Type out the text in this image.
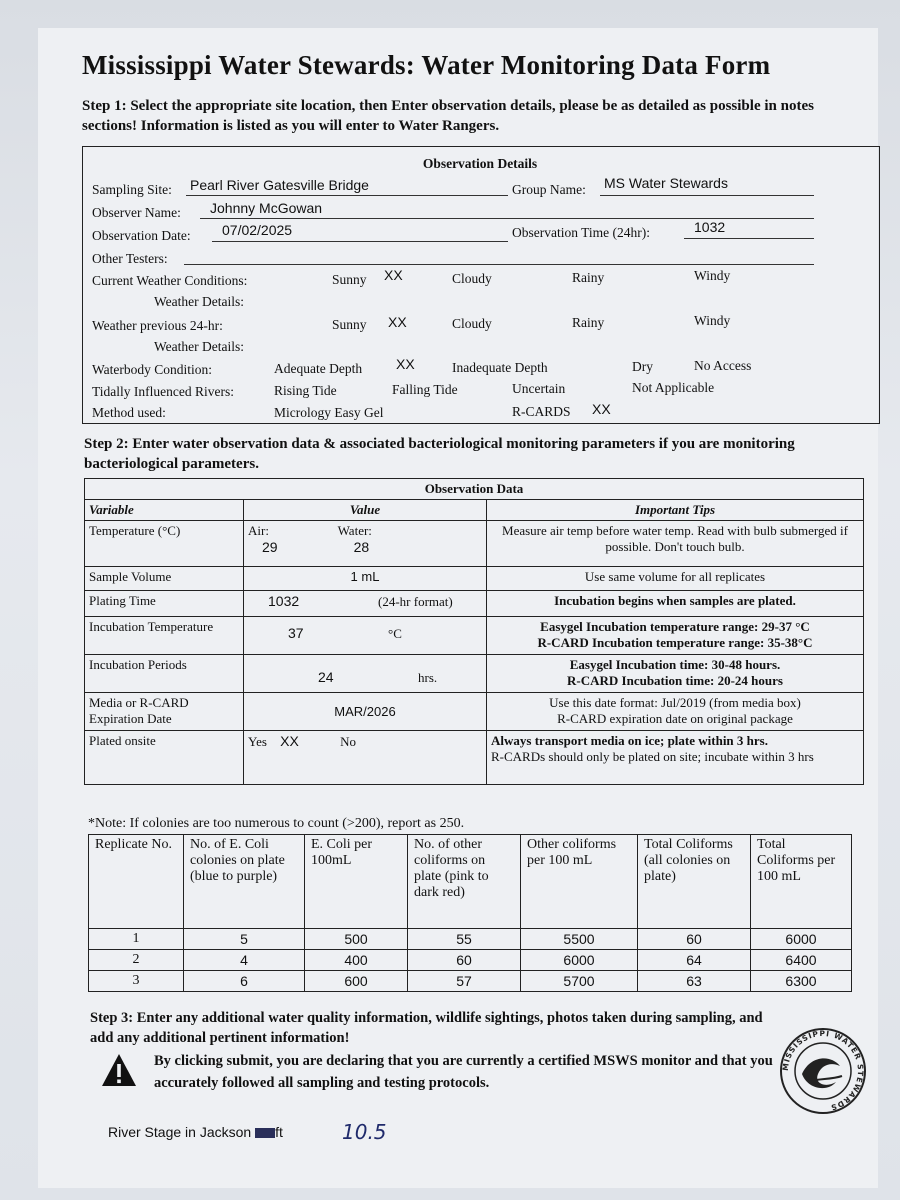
Mississippi Water Stewards: Water Monitoring Data Form
Step 1: Select the appropriate site location, then Enter observation details, please be as detailed as possible in notes sections! Information is listed as you will enter to Water Rangers.
Observation Details
Sampling Site: Pearl River Gatesville Bridge	Group Name: MS Water Stewards
Observer Name: Johnny McGowan
Observation Date: 07/02/2025	Observation Time (24hr):	1032
Other Testers:
Current Weather Conditions:	Sunny XX	Cloudy	Rainy	Windy
Weather Details:
Weather previous 24-hr:	Sunny XX	Cloudy	Rainy	Windy
Weather Details:
Waterbody Condition:	Adequate Depth XX	Inadequate Depth	Dry	No Access
Tidally Influenced Rivers:	Rising Tide	Falling Tide	Uncertain	Not Applicable
Method used:	Micrology Easy Gel	R-CARDS XX
Step 2: Enter water observation data & associated bacteriological monitoring parameters if you are monitoring bacteriological parameters.
Observation Data		
Variable	Value	Important Tips
Temperature (°C)	Air:
29
Water:
28	Measure air temp before water temp. Read with bulb submerged if possible. Don't touch bulb.
Sample Volume	1 mL	Use same volume for all replicates
Plating Time	1032 (24-hr format)	Incubation begins when samples are plated.
Incubation Temperature	37 °C	Easygel Incubation temperature range: 29-37 °C
R-CARD Incubation temperature range: 35-38°C

Incubation Periods	24 hrs.	Easygel Incubation time: 30-48 hours.
R-CARD Incubation time: 20-24 hours

Media or R-CARD Expiration Date	MAR/2026	Use this date format: Jul/2019 (from media box)
R-CARD expiration date on original package

Plated onsite	Yes XX No	Always transport media on ice; plate within 3 hrs.
R-CARDs should only be plated on site; incubate within 3 hrs
*Note: If colonies are too numerous to count (>200), report as 250.
Replicate No.	No. of E. Coli colonies on plate (blue to purple)	E. Coli per 100mL	No. of other coliforms on plate (pink to dark red)	Other coliforms per 100 mL	Total Coliforms (all colonies on plate)	Total Coliforms per 100 mL
1	5	500	55	5500	60	6000
2	4	400	60	6000	64	6400
3	6	600	57	5700	63	6300
Step 3: Enter any additional water quality information, wildlife sightings, photos taken during sampling, and add any additional pertinent information!
By clicking submit, you are declaring that you are currently a certified MSWS monitor and that you accurately followed all sampling and testing protocols.
MISSISSIPPI WATER STEWARDS
River Stage in Jackson ft	10.5
